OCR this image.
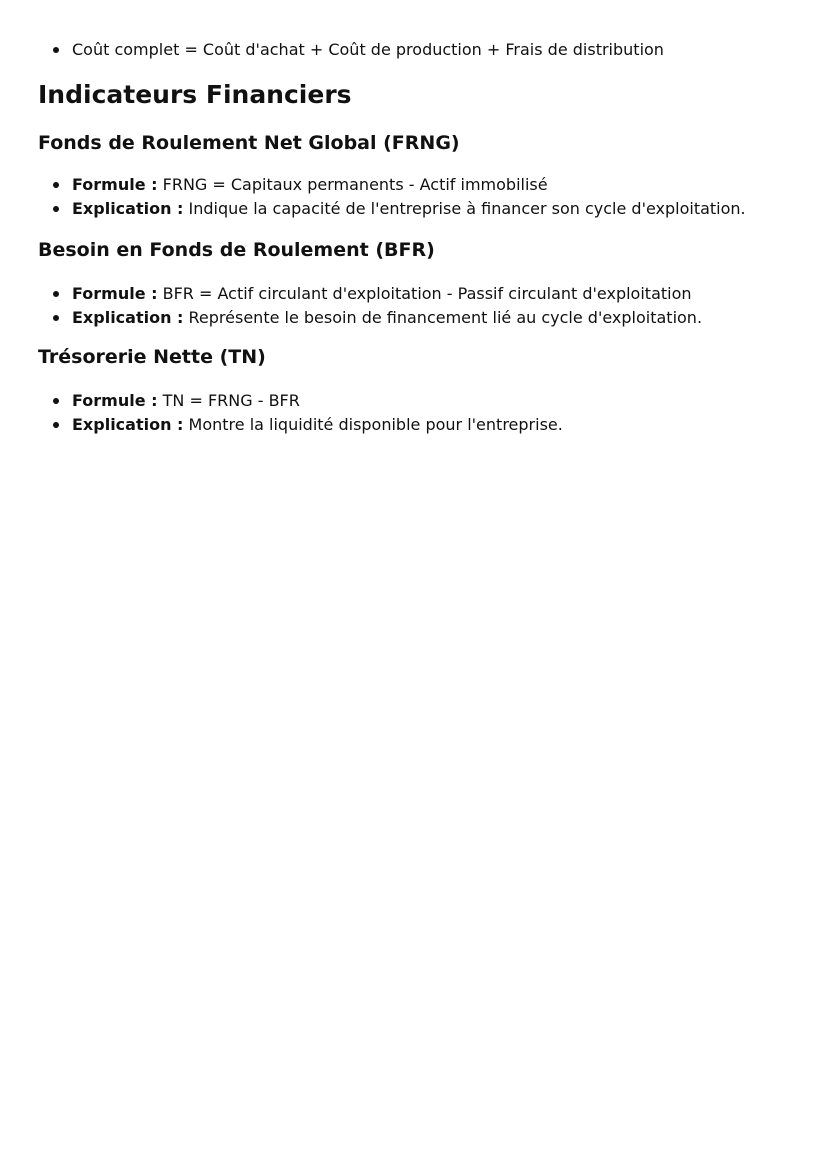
Coût complet = Coût d'achat + Coût de production + Frais de distribution
Indicateurs Financiers
Fonds de Roulement Net Global (FRNG)
Formule : FRNG = Capitaux permanents - Actif immobilisé
Explication : Indique la capacité de l'entreprise à financer son cycle d'exploitation.
Besoin en Fonds de Roulement (BFR)
Formule : BFR = Actif circulant d'exploitation - Passif circulant d'exploitation
Explication : Représente le besoin de financement lié au cycle d'exploitation.
Trésorerie Nette (TN)
Formule : TN = FRNG - BFR
Explication : Montre la liquidité disponible pour l'entreprise.
